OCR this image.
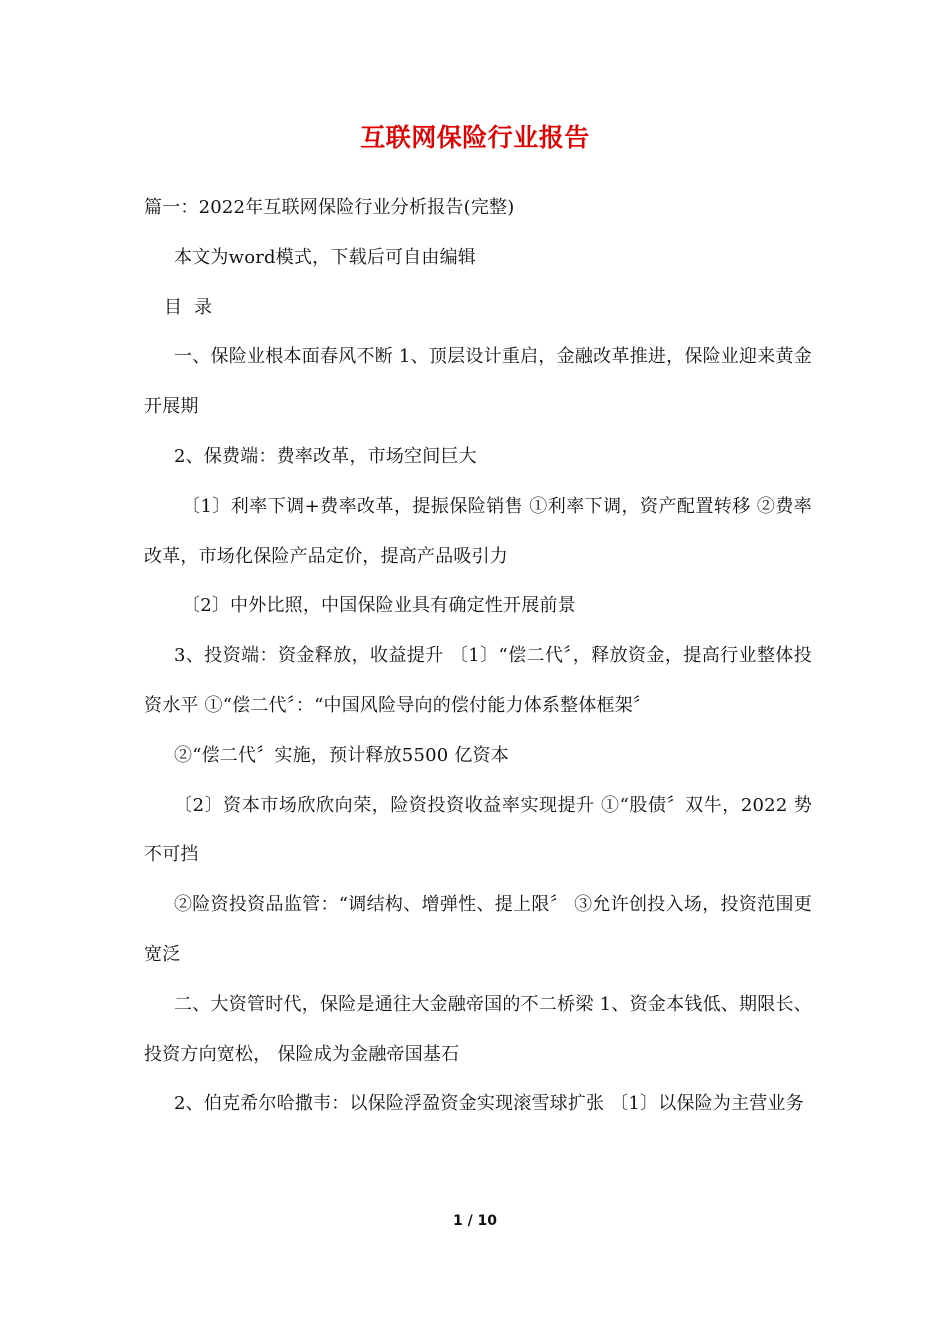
互联网保险行业报告

篇一：2022年互联网保险行业分析报告(完整)

本文为word模式，下载后可自由编辑

目  录

一、保险业根本面春风不断 1、顶层设计重启，金融改革推进，保险业迎来黄金开展期

2、保费端：费率改革，市场空间巨大

〔1〕利率下调+费率改革，提振保险销售 ①利率下调，资产配置转移 ②费率改革，市场化保险产品定价，提高产品吸引力

〔2〕中外比照，中国保险业具有确定性开展前景

3、投资端：资金释放，收益提升 〔1〕“偿二代〞，释放资金，提高行业整体投资水平 ①“偿二代〞：“中国风险导向的偿付能力体系整体框架〞

②“偿二代〞实施，预计释放5500 亿资本

〔2〕资本市场欣欣向荣，险资投资收益率实现提升 ①“股债〞双牛，2022 势不可挡

②险资投资品监管：“调结构、增弹性、提上限〞 ③允许创投入场，投资范围更宽泛

二、大资管时代，保险是通往大金融帝国的不二桥梁 1、资金本钱低、期限长、投资方向宽松， 保险成为金融帝国基石

2、伯克希尔哈撒韦：以保险浮盈资金实现滚雪球扩张 〔1〕以保险为主营业务

1 / 10
